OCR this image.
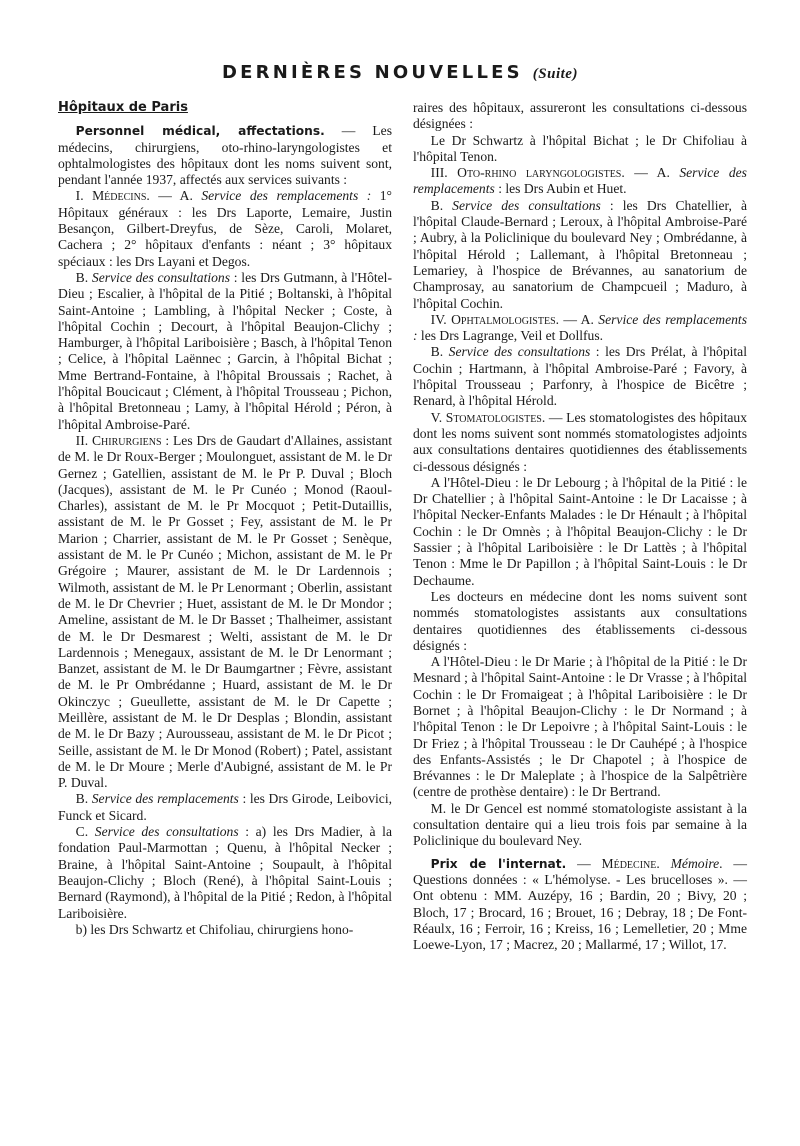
DERNIÈRES NOUVELLES (Suite)
Hôpitaux de Paris

Personnel médical, affectations. — Les médecins, chirurgiens, oto-rhino-laryngologistes et ophtalmologistes des hôpitaux dont les noms suivent sont, pendant l'année 1937, affectés aux services suivants :

I. Médecins. — A. Service des remplacements : 1° Hôpitaux généraux : les Drs Laporte, Lemaire, Justin Besançon, Gilbert-Dreyfus, de Sèze, Caroli, Molaret, Cachera ; 2° hôpitaux d'enfants : néant ; 3° hôpitaux spéciaux : les Drs Layani et Degos.

B. Service des consultations : les Drs Gutmann, à l'Hôtel-Dieu ; Escalier, à l'hôpital de la Pitié ; Boltanski, à l'hôpital Saint-Antoine ; Lambling, à l'hôpital Necker ; Coste, à l'hôpital Cochin ; Decourt, à l'hôpital Beaujon-Clichy ; Hamburger, à l'hôpital Lariboisière ; Basch, à l'hôpital Tenon ; Celice, à l'hôpital Laënnec ; Garcin, à l'hôpital Bichat ; Mme Bertrand-Fontaine, à l'hôpital Broussais ; Rachet, à l'hôpital Boucicaut ; Clément, à l'hôpital Trousseau ; Pichon, à l'hôpital Bretonneau ; Lamy, à l'hôpital Hérold ; Péron, à l'hôpital Ambroise-Paré.

II. Chirurgiens : Les Drs de Gaudart d'Allaines, assistant de M. le Dr Roux-Berger ; Moulonguet, assistant de M. le Dr Gernez ; Gatellien, assistant de M. le Pr P. Duval ; Bloch (Jacques), assistant de M. le Pr Cunéo ; Monod (Raoul-Charles), assistant de M. le Pr Mocquot ; Petit-Dutaillis, assistant de M. le Pr Gosset ; Fey, assistant de M. le Pr Marion ; Charrier, assistant de M. le Pr Gosset ; Senèque, assistant de M. le Pr Cunéo ; Michon, assistant de M. le Pr Grégoire ; Maurer, assistant de M. le Dr Lardennois ; Wilmoth, assistant de M. le Pr Lenormant ; Oberlin, assistant de M. le Dr Chevrier ; Huet, assistant de M. le Dr Mondor ; Ameline, assistant de M. le Dr Basset ; Thalheimer, assistant de M. le Dr Desmarest ; Welti, assistant de M. le Dr Lardennois ; Menegaux, assistant de M. le Dr Lenormant ; Banzet, assistant de M. le Dr Baumgartner ; Fèvre, assistant de M. le Pr Ombrédanne ; Huard, assistant de M. le Dr Okinczyc ; Gueullette, assistant de M. le Dr Capette ; Meillère, assistant de M. le Dr Desplas ; Blondin, assistant de M. le Dr Bazy ; Aurousseau, assistant de M. le Dr Picot ; Seille, assistant de M. le Dr Monod (Robert) ; Patel, assistant de M. le Dr Moure ; Merle d'Aubigné, assistant de M. le Pr P. Duval.

B. Service des remplacements : les Drs Girode, Leibovici, Funck et Sicard.

C. Service des consultations : a) les Drs Madier, à la fondation Paul-Marmottan ; Quenu, à l'hôpital Necker ; Braine, à l'hôpital Saint-Antoine ; Soupault, à l'hôpital Beaujon-Clichy ; Bloch (René), à l'hôpital Saint-Louis ; Bernard (Raymond), à l'hôpital de la Pitié ; Redon, à l'hôpital Lariboisière.

b) les Drs Schwartz et Chifoliau, chirurgiens hono-

raires des hôpitaux, assureront les consultations ci-dessous désignées :

Le Dr Schwartz à l'hôpital Bichat ; le Dr Chifoliau à l'hôpital Tenon.

III. Oto-rhino laryngologistes. — A. Service des remplacements : les Drs Aubin et Huet.

B. Service des consultations : les Drs Chatellier, à l'hôpital Claude-Bernard ; Leroux, à l'hôpital Ambroise-Paré ; Aubry, à la Policlinique du boulevard Ney ; Ombrédanne, à l'hôpital Hérold ; Lallemant, à l'hôpital Bretonneau ; Lemariey, à l'hospice de Brévannes, au sanatorium de Champrosay, au sanatorium de Champcueil ; Maduro, à l'hôpital Cochin.

IV. Ophtalmologistes. — A. Service des remplacements : les Drs Lagrange, Veil et Dollfus.

B. Service des consultations : les Drs Prélat, à l'hôpital Cochin ; Hartmann, à l'hôpital Ambroise-Paré ; Favory, à l'hôpital Trousseau ; Parfonry, à l'hospice de Bicêtre ; Renard, à l'hôpital Hérold.

V. Stomatologistes. — Les stomatologistes des hôpitaux dont les noms suivent sont nommés stomatologistes adjoints aux consultations dentaires quotidiennes des établissements ci-dessous désignés :

A l'Hôtel-Dieu : le Dr Lebourg ; à l'hôpital de la Pitié : le Dr Chatellier ; à l'hôpital Saint-Antoine : le Dr Lacaisse ; à l'hôpital Necker-Enfants Malades : le Dr Hénault ; à l'hôpital Cochin : le Dr Omnès ; à l'hôpital Beaujon-Clichy : le Dr Sassier ; à l'hôpital Lariboisière : le Dr Lattès ; à l'hôpital Tenon : Mme le Dr Papillon ; à l'hôpital Saint-Louis : le Dr Dechaume.

Les docteurs en médecine dont les noms suivent sont nommés stomatologistes assistants aux consultations dentaires quotidiennes des établissements ci-dessous désignés :

A l'Hôtel-Dieu : le Dr Marie ; à l'hôpital de la Pitié : le Dr Mesnard ; à l'hôpital Saint-Antoine : le Dr Vrasse ; à l'hôpital Cochin : le Dr Fromaigeat ; à l'hôpital Lariboisière : le Dr Bornet ; à l'hôpital Beaujon-Clichy : le Dr Normand ; à l'hôpital Tenon : le Dr Lepoivre ; à l'hôpital Saint-Louis : le Dr Friez ; à l'hôpital Trousseau : le Dr Cauhépé ; à l'hospice des Enfants-Assistés ; le Dr Chapotel ; à l'hospice de Brévannes : le Dr Maleplate ; à l'hospice de la Salpêtrière (centre de prothèse dentaire) : le Dr Bertrand.

M. le Dr Gencel est nommé stomatologiste assistant à la consultation dentaire qui a lieu trois fois par semaine à la Policlinique du boulevard Ney.

Prix de l'internat. — Médecine. Mémoire. — Questions données : « L'hémolyse. - Les brucelloses ». — Ont obtenu : MM. Auzépy, 16 ; Bardin, 20 ; Bivy, 20 ; Bloch, 17 ; Brocard, 16 ; Brouet, 16 ; Debray, 18 ; De Font-Réaulx, 16 ; Ferroir, 16 ; Kreiss, 16 ; Lemelletier, 20 ; Mme Loewe-Lyon, 17 ; Macrez, 20 ; Mallarmé, 17 ; Willot, 17.
